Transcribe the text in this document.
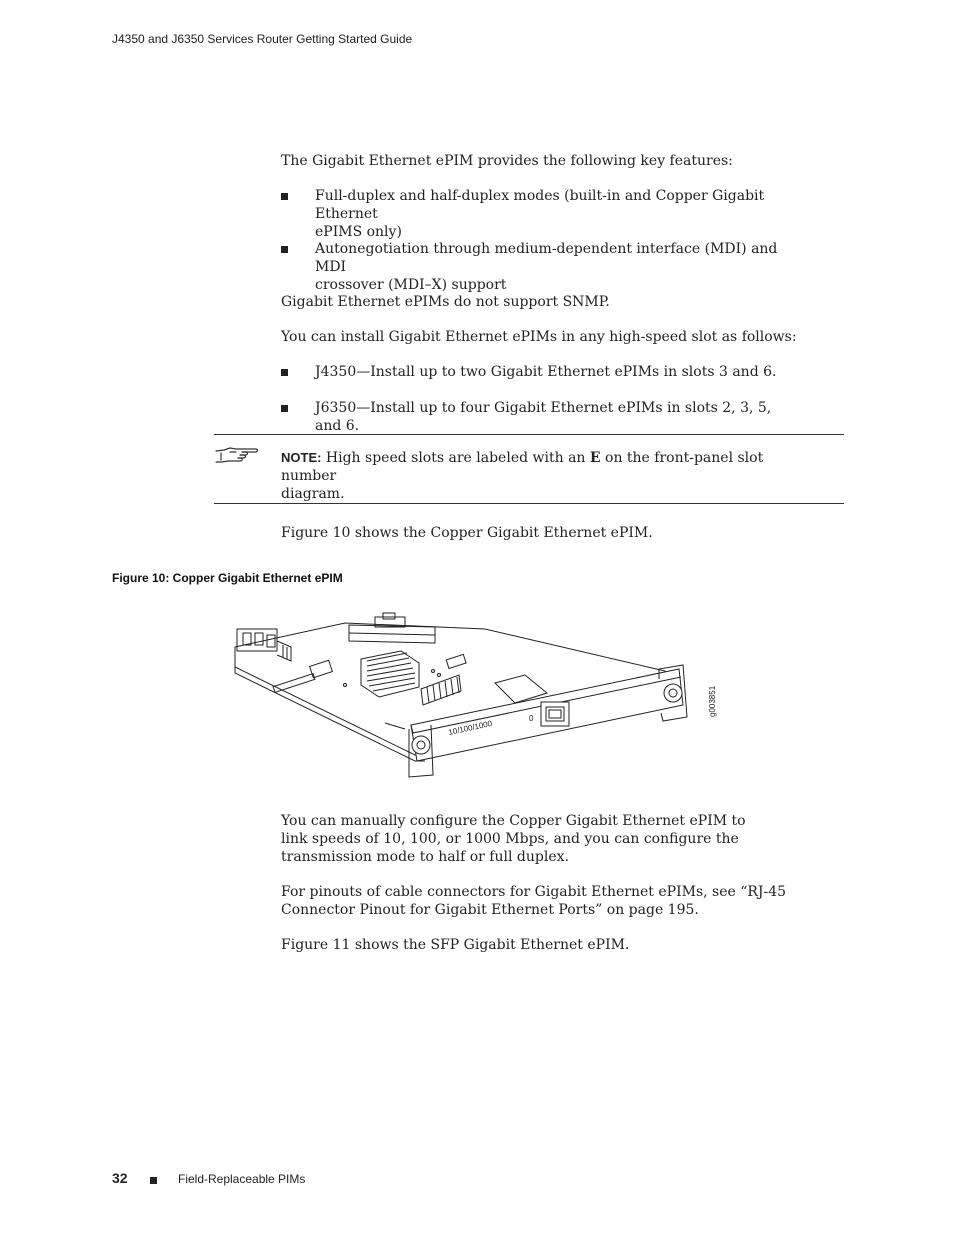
J4350 and J6350 Services Router Getting Started Guide
The Gigabit Ethernet ePIM provides the following key features:
Full-duplex and half-duplex modes (built-in and Copper Gigabit Ethernet
ePIMS only)
Autonegotiation through medium-dependent interface (MDI) and MDI
crossover (MDI–X) support
Gigabit Ethernet ePIMs do not support SNMP.
You can install Gigabit Ethernet ePIMs in any high-speed slot as follows:
J4350—Install up to two Gigabit Ethernet ePIMs in slots 3 and 6.
J6350—Install up to four Gigabit Ethernet ePIMs in slots 2, 3, 5, and 6.
NOTE: High speed slots are labeled with an E on the front-panel slot number
diagram.
Figure 10 shows the Copper Gigabit Ethernet ePIM.
Figure 10: Copper Gigabit Ethernet ePIM
10/100/1000
0
g003851
You can manually configure the Copper Gigabit Ethernet ePIM to
link speeds of 10, 100, or 1000 Mbps, and you can configure the
transmission mode to half or full duplex.
For pinouts of cable connectors for Gigabit Ethernet ePIMs, see “RJ-45
Connector Pinout for Gigabit Ethernet Ports” on page 195.
Figure 11 shows the SFP Gigabit Ethernet ePIM.
32	Field-Replaceable PIMs
